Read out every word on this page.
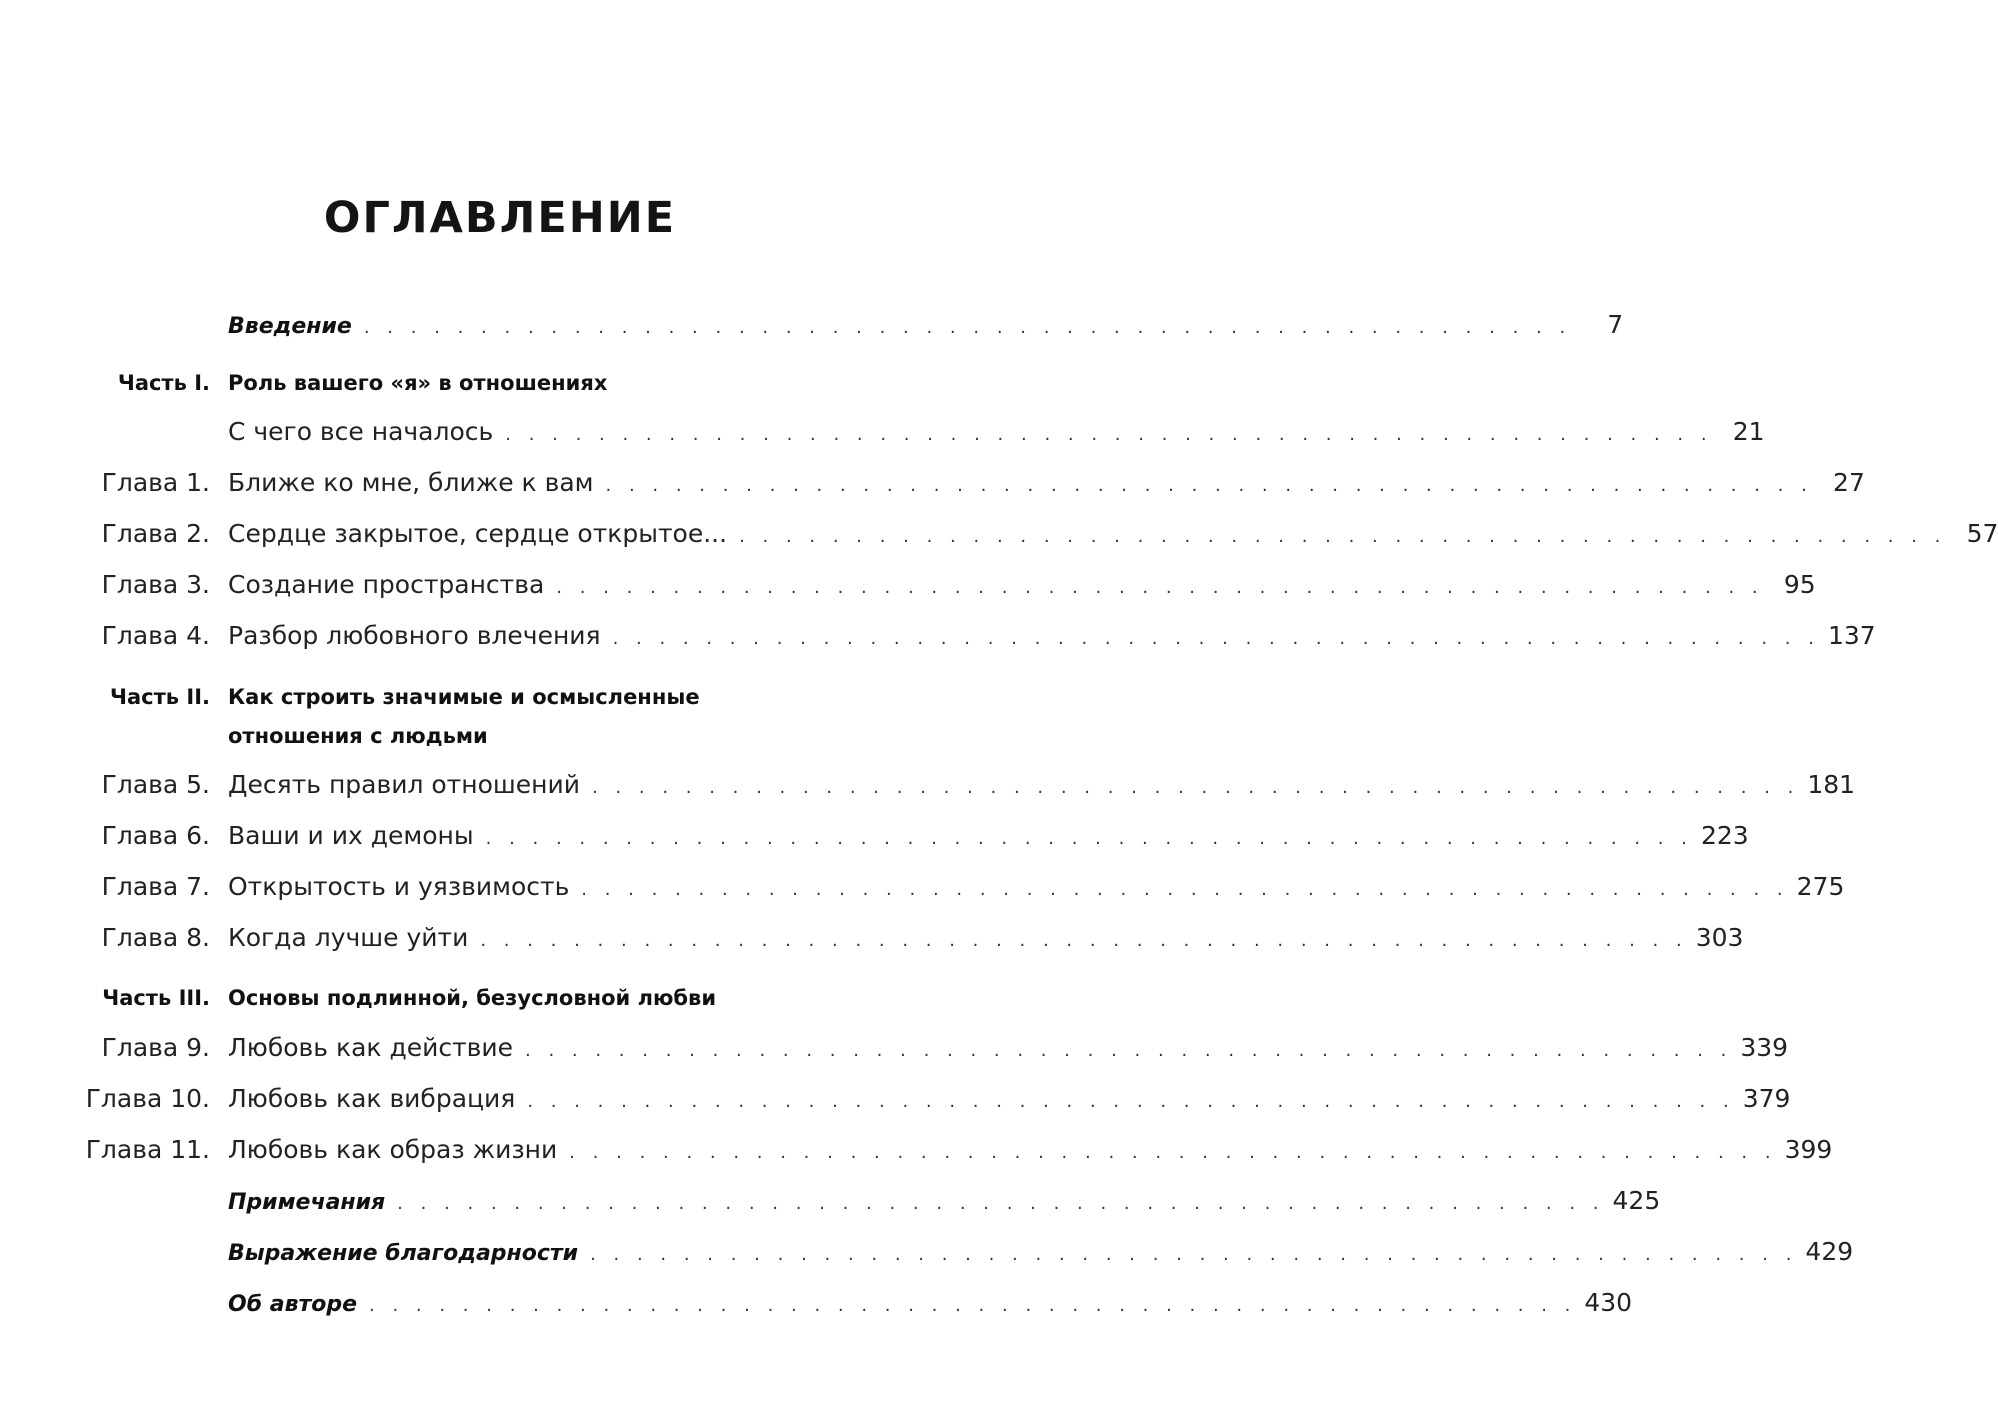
ОГЛАВЛЕНИЕ
Введение . . . . . . . . . . . . . . . . . . . . . . . . . . . . . . . . . . . . . . . . . . . . . . . . . . . .	7
Часть I. Роль вашего «я» в отношениях
С чего все началось . . . . . . . . . . . . . . . . . . . . . . . . . . . . . . . . . . . . . . . . . . . . . . . . . . . . 21
Глава 1. Ближе ко мне, ближе к вам . . . . . . . . . . . . . . . . . . . . . . . . . . . . . . . . . . . . . . . . . . . . . . . . . . . . 27
Глава 2. Сердце закрытое, сердце открытое... . . . . . . . . . . . . . . . . . . . . . . . . . . . . . . . . . . . . . . . . . . . . . . . . . . . . 57
Глава 3. Создание пространства . . . . . . . . . . . . . . . . . . . . . . . . . . . . . . . . . . . . . . . . . . . . . . . . . . . . 95
Глава 4. Разбор любовного влечения . . . . . . . . . . . . . . . . . . . . . . . . . . . . . . . . . . . . . . . . . . . . . . . . . . . . 137
Часть II. Как строить значимые и осмысленные
отношения с людьми
Глава 5. Десять правил отношений . . . . . . . . . . . . . . . . . . . . . . . . . . . . . . . . . . . . . . . . . . . . . . . . . . . . 181
Глава 6. Ваши и их демоны . . . . . . . . . . . . . . . . . . . . . . . . . . . . . . . . . . . . . . . . . . . . . . . . . . . . 223
Глава 7. Открытость и уязвимость . . . . . . . . . . . . . . . . . . . . . . . . . . . . . . . . . . . . . . . . . . . . . . . . . . . . 275
Глава 8. Когда лучше уйти . . . . . . . . . . . . . . . . . . . . . . . . . . . . . . . . . . . . . . . . . . . . . . . . . . . . 303
Часть III. Основы подлинной, безусловной любви
Глава 9. Любовь как действие . . . . . . . . . . . . . . . . . . . . . . . . . . . . . . . . . . . . . . . . . . . . . . . . . . . . 339
Глава 10. Любовь как вибрация . . . . . . . . . . . . . . . . . . . . . . . . . . . . . . . . . . . . . . . . . . . . . . . . . . . . 379
Глава 11. Любовь как образ жизни . . . . . . . . . . . . . . . . . . . . . . . . . . . . . . . . . . . . . . . . . . . . . . . . . . . . 399
Примечания . . . . . . . . . . . . . . . . . . . . . . . . . . . . . . . . . . . . . . . . . . . . . . . . . . . . 425
Выражение благодарности . . . . . . . . . . . . . . . . . . . . . . . . . . . . . . . . . . . . . . . . . . . . . . . . . . . . 429
Об авторе . . . . . . . . . . . . . . . . . . . . . . . . . . . . . . . . . . . . . . . . . . . . . . . . . . . . 430
